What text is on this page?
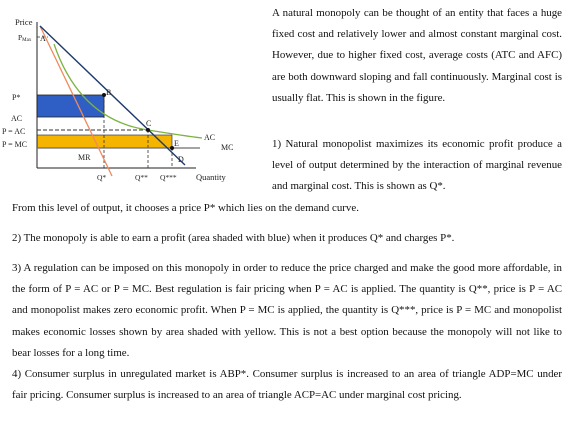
Price
Quantity
PMax
P*
AC
P = AC
P = MC
A
B
C
E
D
MR
AC
MC
Q*	Q** Q***

A natural monopoly can be thought of an entity that faces a huge fixed cost and relatively lower and almost constant marginal cost. However, due to higher fixed cost, average costs (ATC and AFC) are both downward sloping and fall continuously. Marginal cost is usually flat. This is shown in the figure.

1) Natural monopolist maximizes its economic profit produce a level of output determined by the interaction of marginal revenue and marginal cost. This is shown as Q*.

From this level of output, it chooses a price P* which lies on the demand curve.

2) The monopoly is able to earn a profit (area shaded with blue) when it produces Q* and charges P*.

3) A regulation can be imposed on this monopoly in order to reduce the price charged and make the good more affordable, in the form of P = AC or P = MC. Best regulation is fair pricing when P = AC is applied. The quantity is Q**, price is P = AC and monopolist makes zero economic profit. When P = MC is applied, the quantity is Q***, price is P = MC and monopolist makes economic losses shown by area shaded with yellow. This is not a best option because the monopoly will not like to bear losses for a long time.

4) Consumer surplus in unregulated market is ABP*. Consumer surplus is increased to an area of triangle ADP=MC under fair pricing. Consumer surplus is increased to an area of triangle ACP=AC under marginal cost pricing.
